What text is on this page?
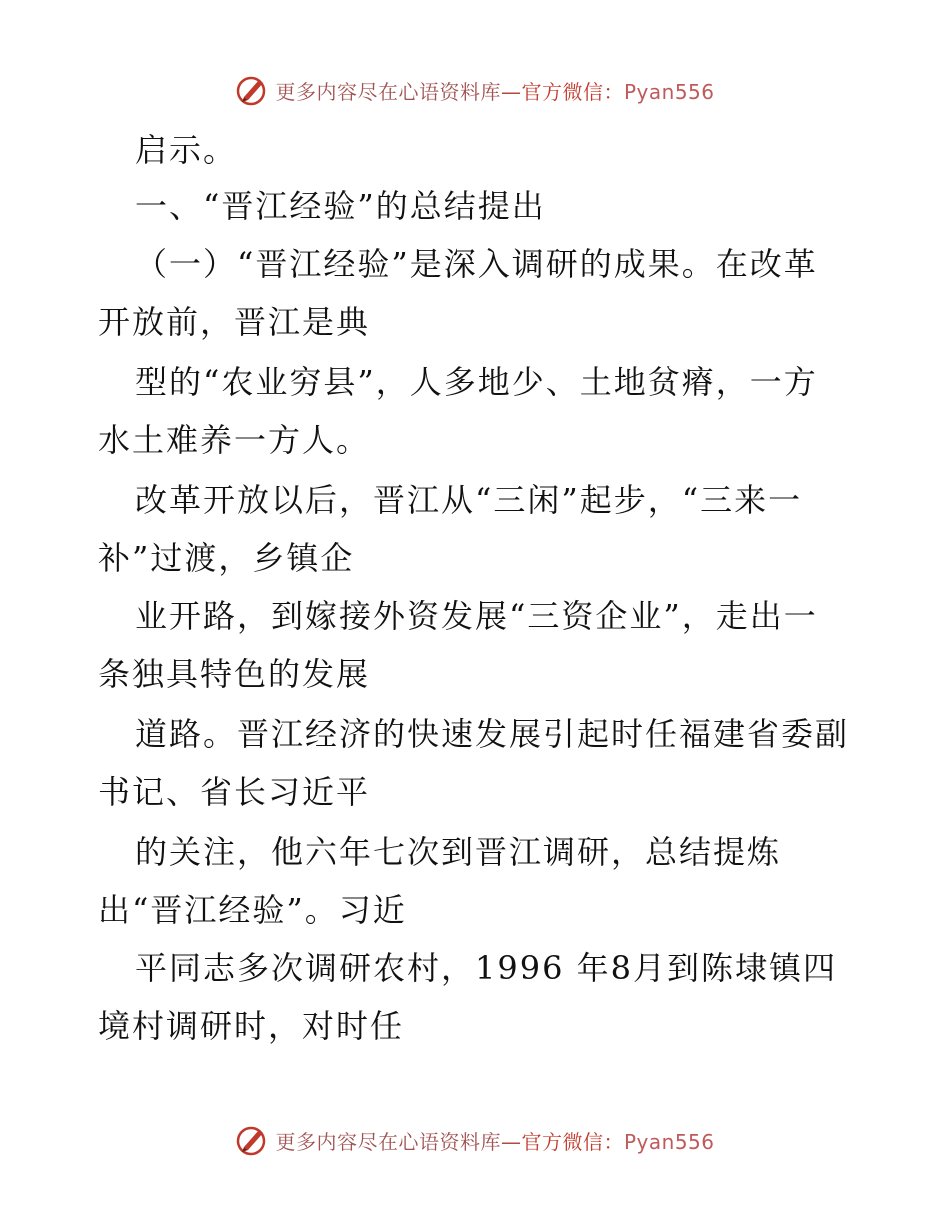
更多内容尽在心语资料库—官方微信：Pyan556
启示。
一、“晋江经验”的总结提出
（一）“晋江经验”是深入调研的成果。在改革
开放前，晋江是典
型的“农业穷县”，人多地少、土地贫瘠，一方
水土难养一方人。
改革开放以后，晋江从“三闲”起步，“三来一
补”过渡，乡镇企
业开路，到嫁接外资发展“三资企业”，走出一
条独具特色的发展
道路。晋江经济的快速发展引起时任福建省委副
书记、省长习近平
的关注，他六年七次到晋江调研，总结提炼
出“晋江经验”。习近
平同志多次调研农村，1996 年8月到陈埭镇四
境村调研时，对时任
更多内容尽在心语资料库—官方微信：Pyan556
